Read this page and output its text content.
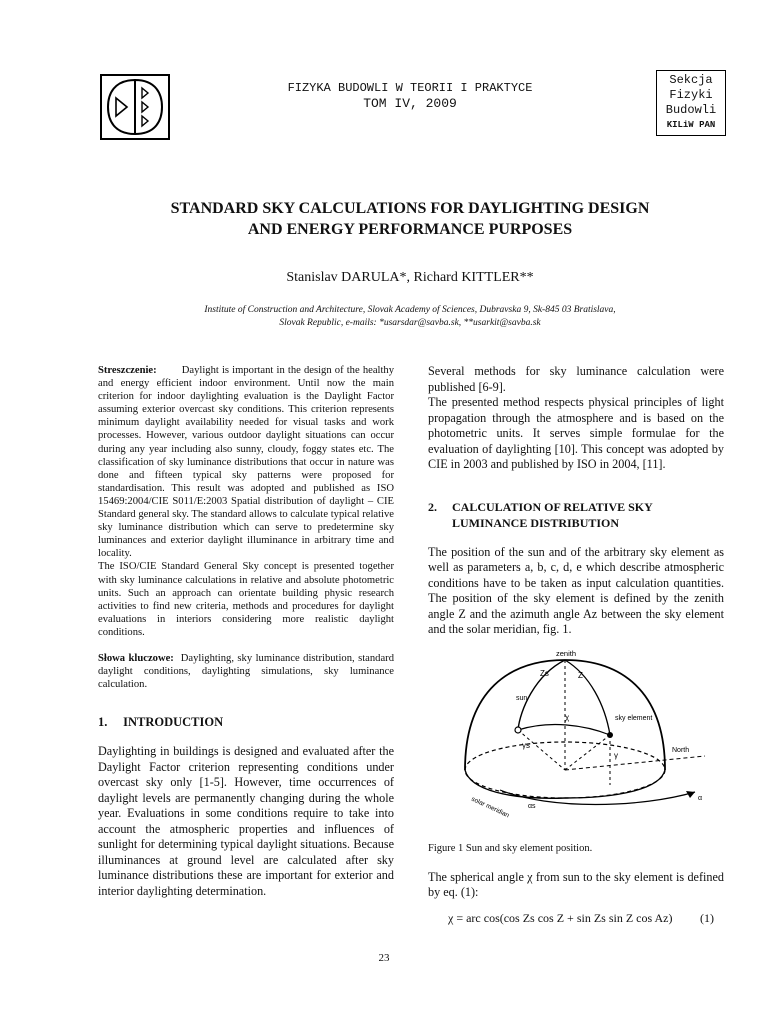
FIZYKA BUDOWLI W TEORII I PRAKTYCE
TOM IV, 2009
Sekcja
Fizyki
Budowli
KILiW PAN
STANDARD SKY CALCULATIONS FOR DAYLIGHTING DESIGN
AND ENERGY PERFORMANCE PURPOSES
Stanislav DARULA*, Richard KITTLER**
Institute of Construction and Architecture, Slovak Academy of Sciences, Dubravska 9, Sk-845 03 Bratislava,
Slovak Republic, e-mails: *usarsdar@savba.sk, **usarkit@savba.sk

Streszczenie: Daylight is important in the design of the healthy and energy efficient indoor environment. Until now the main criterion for indoor daylighting evaluation is the Daylight Factor assuming exterior overcast sky conditions. This criterion represents minimum daylight availability needed for visual tasks and work processes. However, various outdoor daylight situations can occur during any year including also sunny, cloudy, foggy states etc. The classification of sky luminance distributions that occur in nature was done and fifteen typical sky patterns were proposed for standardisation. This result was adopted and published as ISO 15469:2004/CIE S011/E:2003 Spatial distribution of daylight – CIE Standard general sky. The standard allows to calculate typical relative sky luminance distribution which can serve to predetermine sky luminances and exterior daylight illuminance in arbitrary time and locality.

The ISO/CIE Standard General Sky concept is presented together with sky luminance calculations in relative and absolute photometric units. Such an approach can orientate building physic research activities to find new criteria, methods and procedures for daylight evaluations in interiors considering more realistic daylight conditions.

Słowa kluczowe: Daylighting, sky luminance distribution, standard daylight conditions, daylighting simulations, sky luminance calculation.

1. INTRODUCTION

Daylighting in buildings is designed and evaluated after the Daylight Factor criterion representing conditions under overcast sky only [1-5]. However, time occurrences of daylight levels are permanently changing during the whole year. Evaluations in some conditions require to take into account the atmospheric properties and influences of sunlight for determining typical daylight situations. Because illuminances at ground level are calculated after sky luminance distributions these are important for exterior and interior daylighting determination.

Several methods for sky luminance calculation were published [6-9].

The presented method respects physical principles of light propagation through the atmosphere and is based on the photometric units. It serves simple formulae for the evaluation of daylighting [10]. This concept was adopted by CIE in 2003 and published by ISO in 2004, [11].

2.	CALCULATION OF RELATIVE SKY LUMINANCE DISTRIBUTION

The position of the sun and of the arbitrary sky element as well as parameters a, b, c, d, e which describe atmospheric conditions have to be taken as input calculation quantities. The position of the sky element is defined by the zenith angle Z and the azimuth angle Az between the sky element and the solar meridian, fig. 1.

zenith
Zs	Z
sun
χ	sky element
γs
γ
North
solar meridian	αs
α
Figure 1 Sun and sky element position.

The spherical angle χ from sun to the sky element is defined by eq. (1):

χ = arc cos(cos Zs cos Z + sin Zs sin Z cos Az) (1)
23
